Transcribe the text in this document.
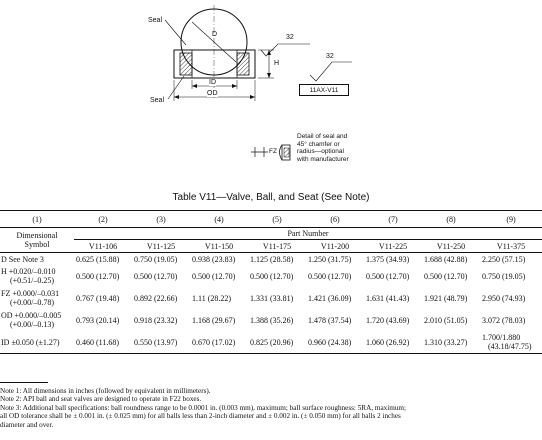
Seal
Seal
D
H
ID
OD
32
32
11AX-V11
FZ
Detail of seal and
45° chamfer or
radius—optional
with manufacturer
Table V11—Valve, Ball, and Seat (See Note)
(1)	(2)	(3)	(4)	(5)	(6)	(7)	(8)	(9)

Dimensional
Symbol	Part Number							
	V11-106	V11-125	V11-150	V11-175	V11-200	V11-225	V11-250	V11-375
D See Note 3	0.625 (15.88)	0.750 (19.05)	0.938 (23.83)	1.125 (28.58)	1.250 (31.75)	1.375 (34.93)	1.688 (42.88)	2.250 (57.15)
H +0.020/–0.010
(+0.51/–0.25)	0.500 (12.70)	0.500 (12.70)	0.500 (12.70)	0.500 (12.70)	0.500 (12.70)	0.500 (12.70)	0.500 (12.70)	0.750 (19.05)
FZ +0.000/–0.031
(+0.00/–0.78)	0.767 (19.48)	0.892 (22.66)	1.11 (28.22)	1.331 (33.81)	1.421 (36.09)	1.631 (41.43)	1.921 (48.79)	2.950 (74.93)
OD +0.000/–0.005
(+0.00/–0.13)	0.793 (20.14)	0.918 (23.32)	1.168 (29.67)	1.388 (35.26)	1.478 (37.54)	1.720 (43.69)	2.010 (51.05)	3.072 (78.03)
ID ±0.050 (±1.27)	0.460 (11.68)	0.550 (13.97)	0.670 (17.02)	0.825 (20.96)	0.960 (24.38)	1.060 (26.92)	1.310 (33.27)	1.700/1.880
(43.18/47.75)
Note 1: All dimensions in inches (followed by equivalent in millimeters).
Note 2: API ball and seat valves are designed to operate in F22 boxes.
Note 3: Additional ball specifications: ball roundness range to be 0.0001 in. (0.003 mm), maximum; ball surface roughness: 5RA, maximum;
all OD tolerance shall be ± 0.001 in. (± 0.025 mm) for all balls less than 2-inch diameter and ± 0.002 in. (± 0.050 mm) for all balls 2 inches
diameter and over.
